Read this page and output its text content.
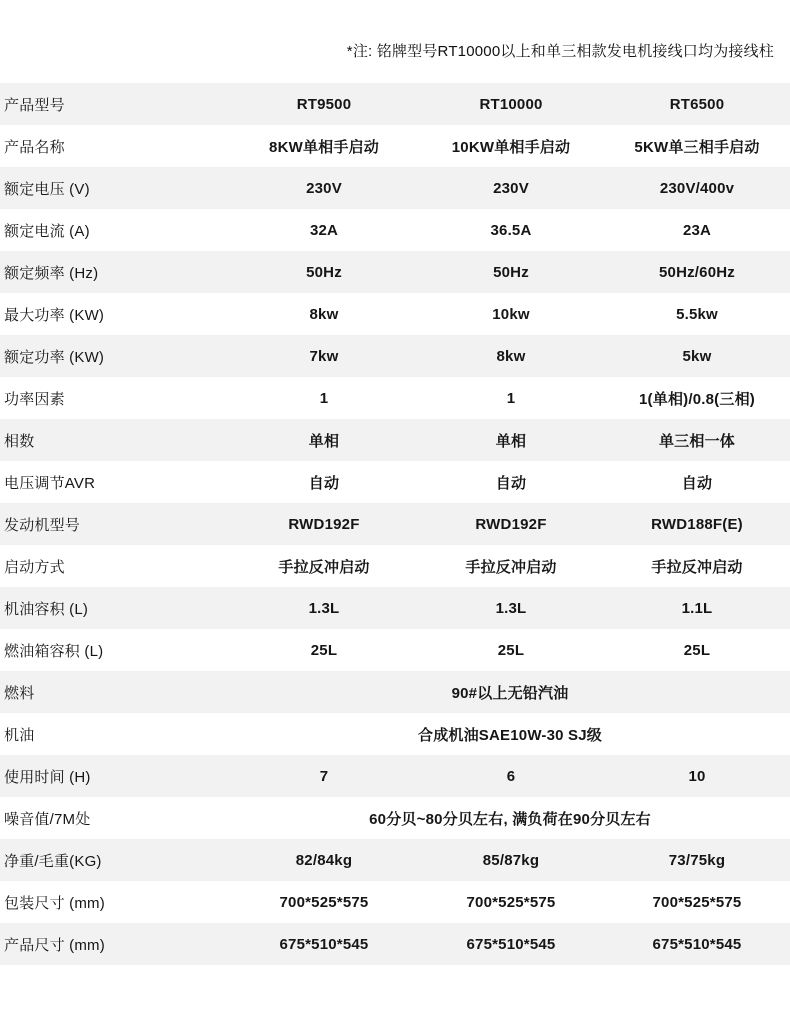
*注: 铭牌型号RT10000以上和单三相款发电机接线口均为接线柱
产品型号	RT9500	RT10000	RT6500
产品名称	8KW单相手启动	10KW单相手启动	5KW单三相手启动
额定电压 (V)	230V	230V	230V/400v
额定电流 (A)	32A	36.5A	23A
额定频率 (Hz)	50Hz	50Hz	50Hz/60Hz
最大功率 (KW)	8kw	10kw	5.5kw
额定功率 (KW)	7kw	8kw	5kw
功率因素	1	1	1(单相)/0.8(三相)
相数	单相	单相	单三相一体
电压调节AVR	自动	自动	自动
发动机型号	RWD192F	RWD192F	RWD188F(E)
启动方式	手拉反冲启动	手拉反冲启动	手拉反冲启动
机油容积 (L)	1.3L	1.3L	1.1L
燃油箱容积 (L)	25L	25L	25L
燃料	90#以上无铅汽油		
机油	合成机油SAE10W-30 SJ级		
使用时间 (H)	7	6	10
噪音值/7M处	60分贝~80分贝左右, 满负荷在90分贝左右		
净重/毛重(KG)	82/84kg	85/87kg	73/75kg
包装尺寸 (mm)	700*525*575	700*525*575	700*525*575
产品尺寸 (mm)	675*510*545	675*510*545	675*510*545
